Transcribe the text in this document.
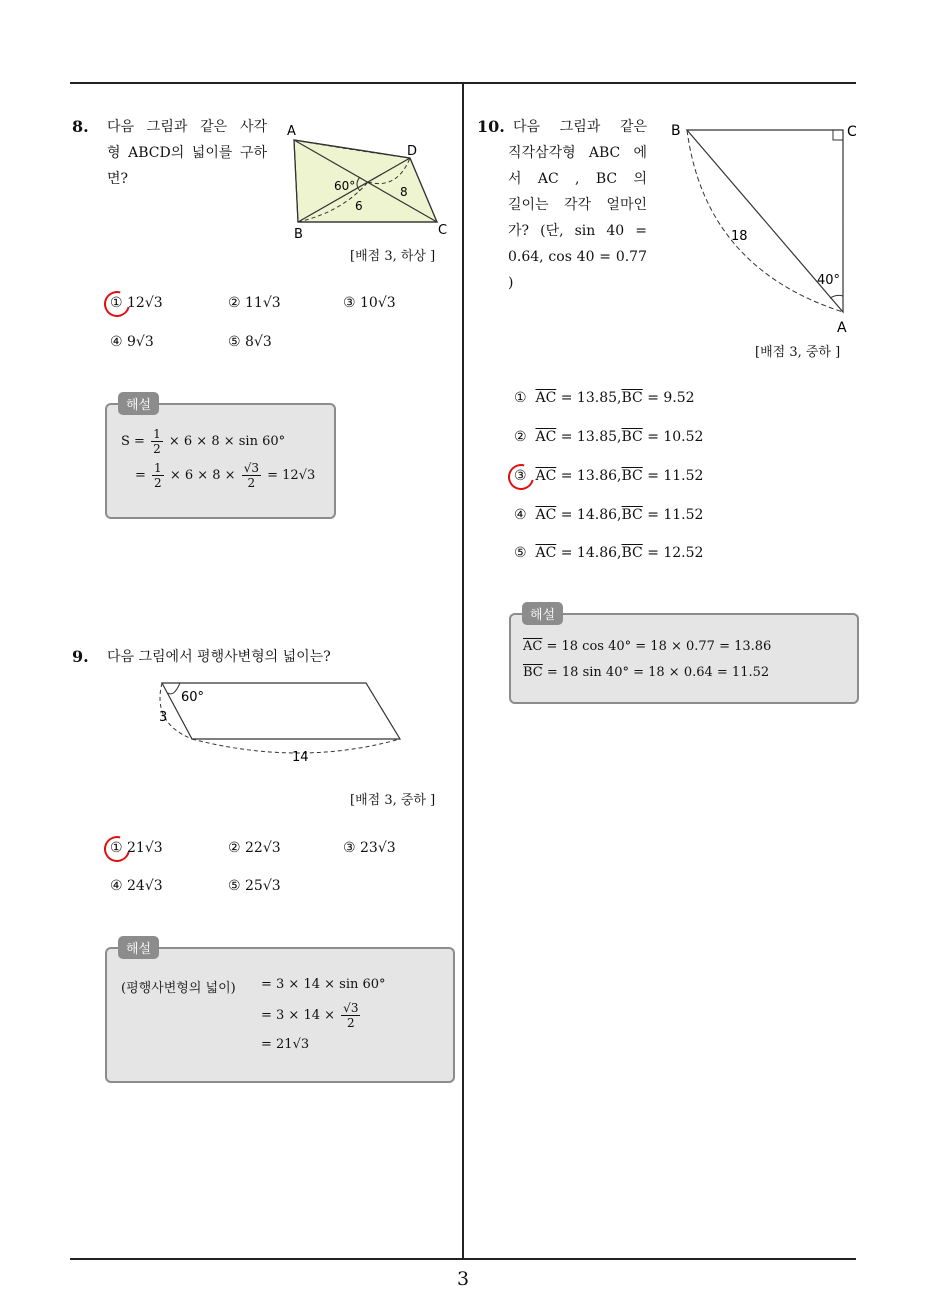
8. 다음 그림과 같은 사각
형 ABCD의 넓이를 구하
면?
A
D
B	C
60°	8
6
[배점 3, 하상 ]
① 12√3	② 11√3	③ 10√3
④ 9√3	⑤ 8√3
$S = \frac{1}{2} \times 6 \times 8 \times \sin 60^\circ$
= $\frac{1}{2} \times 6 \times 8 \times \frac{√3}{2} = 12√3$
해설
9. 다음 그림에서 평행사변형의 넓이는?
60°
3
14
[배점 3, 중하 ]
① 21√3	② 22√3	③ 23√3
④ 24√3	⑤ 25√3
(평행사변형의 넓이) = 3 × 14 × sin 60°
= $3 \times 14 \times \frac{√3}{2}$
= 21√3
해설
10. 다음 그림과 같은
직각삼각형 ABC 에
서 AC , BC 의
길이는 각각 얼마인
가? (단, sin 40 =
0.64, cos 40 = 0.77
)
B	C
A
18
40°
[배점 3, 중하 ]
① $\overline{AC} = 13.85,\overline{BC} = 9.52$
② $\overline{AC} = 13.85,\overline{BC} = 10.52$
③ $\overline{AC} = 13.86,\overline{BC} = 11.52$
④ $\overline{AC} = 14.86,\overline{BC} = 11.52$
⑤ $\overline{AC} = 14.86,\overline{BC} = 12.52$
$\overline{AC} = 18$ cos 40° = 18 × 0.77 = 13.86
$\overline{BC} = 18$ sin 40° = 18 × 0.64 = 11.52
해설
3
